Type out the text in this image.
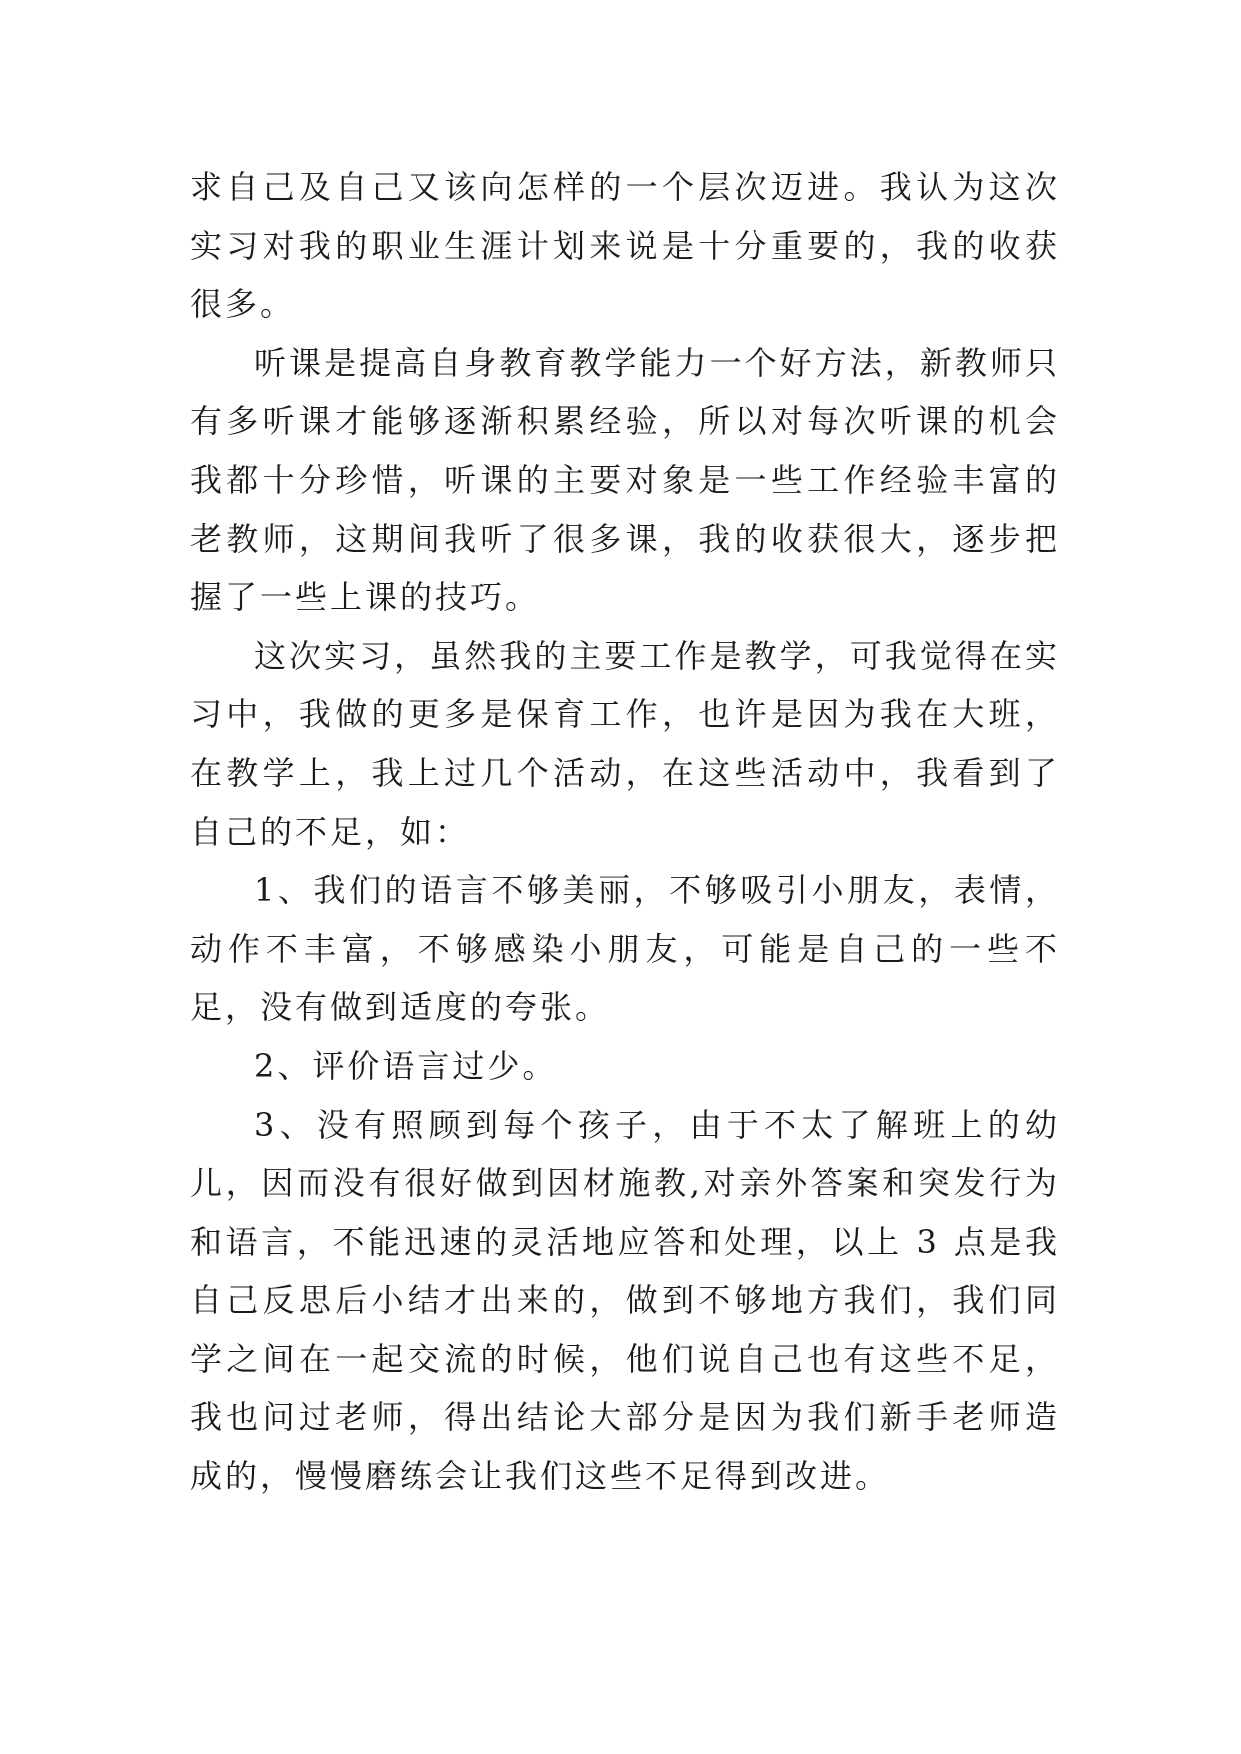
求自己及自己又该向怎样的一个层次迈进。我认为这次实习对我的职业生涯计划来说是十分重要的，我的收获很多。

听课是提高自身教育教学能力一个好方法，新教师只有多听课才能够逐渐积累经验，所以对每次听课的机会我都十分珍惜，听课的主要对象是一些工作经验丰富的老教师，这期间我听了很多课，我的收获很大，逐步把握了一些上课的技巧。

这次实习，虽然我的主要工作是教学，可我觉得在实习中，我做的更多是保育工作，也许是因为我在大班，在教学上，我上过几个活动，在这些活动中，我看到了自己的不足，如：

1、我们的语言不够美丽，不够吸引小朋友，表情，动作不丰富，不够感染小朋友，可能是自己的一些不足，没有做到适度的夸张。

2、评价语言过少。

3、没有照顾到每个孩子，由于不太了解班上的幼儿，因而没有很好做到因材施教,对亲外答案和突发行为和语言，不能迅速的灵活地应答和处理，以上 3 点是我自己反思后小结才出来的，做到不够地方我们，我们同学之间在一起交流的时候，他们说自己也有这些不足，我也问过老师，得出结论大部分是因为我们新手老师造成的，慢慢磨练会让我们这些不足得到改进。
